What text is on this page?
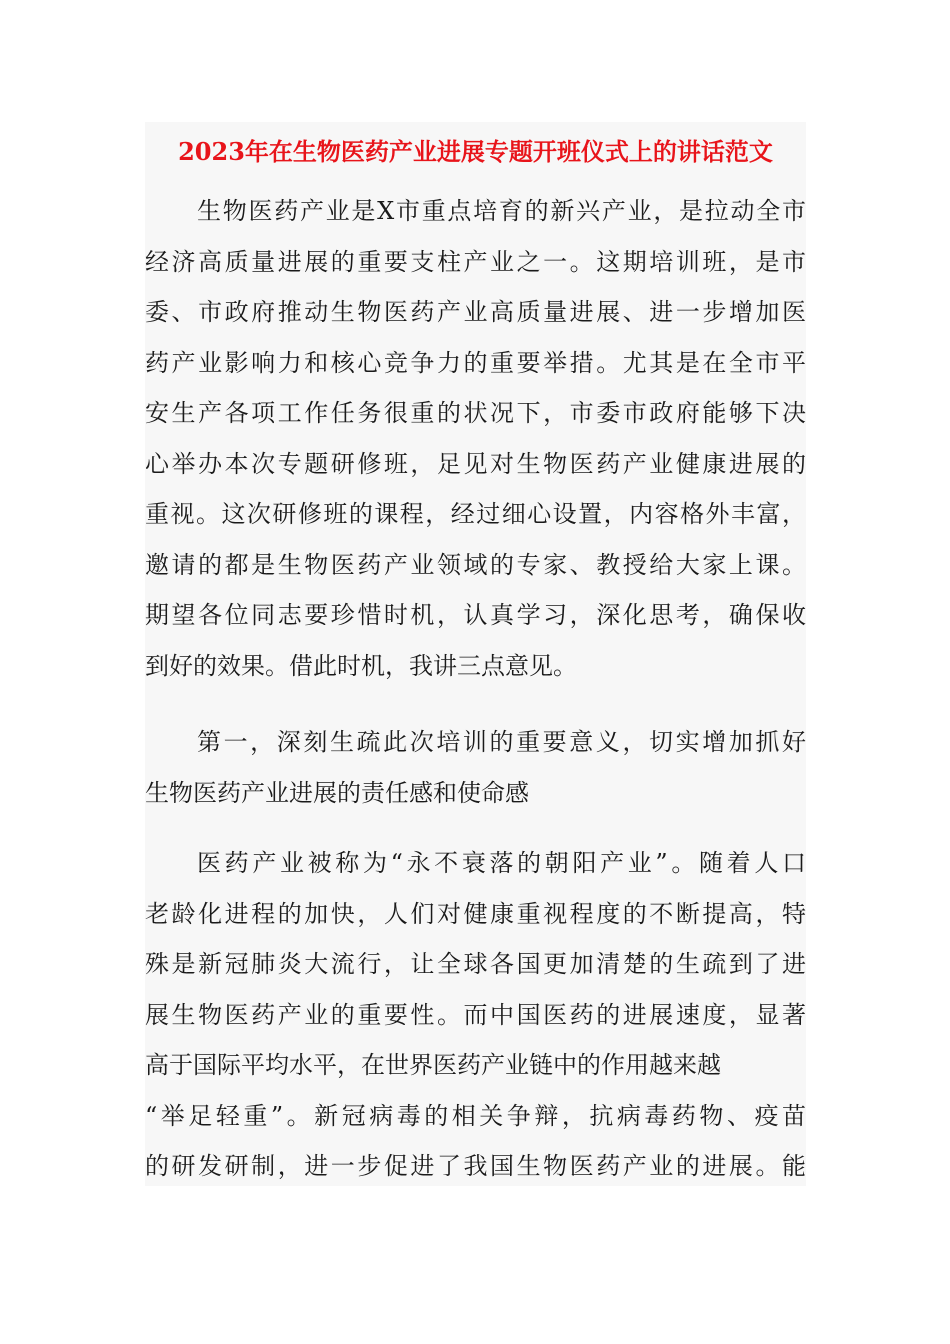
2023年在生物医药产业进展专题开班仪式上的讲话范文
生物医药产业是X市重点培育的新兴产业，是拉动全市
经济高质量进展的重要支柱产业之一。这期培训班，是市
委、市政府推动生物医药产业高质量进展、进一步增加医
药产业影响力和核心竞争力的重要举措。尤其是在全市平
安生产各项工作任务很重的状况下，市委市政府能够下决
心举办本次专题研修班，足见对生物医药产业健康进展的
重视。这次研修班的课程，经过细心设置，内容格外丰富，
邀请的都是生物医药产业领域的专家、教授给大家上课。
期望各位同志要珍惜时机，认真学习，深化思考，确保收
到好的效果。借此时机，我讲三点意见。
第一，深刻生疏此次培训的重要意义，切实增加抓好
生物医药产业进展的责任感和使命感
医药产业被称为“永不衰落的朝阳产业”。随着人口
老龄化进程的加快，人们对健康重视程度的不断提高，特
殊是新冠肺炎大流行，让全球各国更加清楚的生疏到了进
展生物医药产业的重要性。而中国医药的进展速度，显著
高于国际平均水平，在世界医药产业链中的作用越来越
“举足轻重”。新冠病毒的相关争辩，抗病毒药物、疫苗
的研发研制，进一步促进了我国生物医药产业的进展。能
